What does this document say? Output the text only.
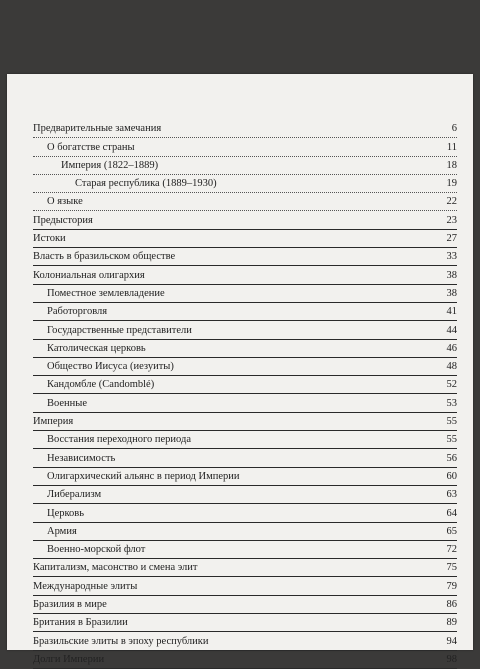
Предварительные замечания	6
О богатстве страны	11
Империя (1822–1889)	18
Старая республика (1889–1930)	19
О языке	22
Предыстория	23
Истоки	27
Власть в бразильском обществе	33
Колониальная олигархия	38
Поместное землевладение	38
Работорговля	41
Государственные представители	44
Католическая церковь	46
Общество Иисуса (иезуиты)	48
Кандомбле (Candomblé)	52
Военные	53
Империя	55
Восстания переходного периода	55
Независимость	56
Олигархический альянс в период Империи	60
Либерализм	63
Церковь	64
Армия	65
Военно-морской флот	72
Капитализм, масонство и смена элит	75
Международные элиты	79
Бразилия в мире	86
Британия в Бразилии	89
Бразильские элиты в эпоху республики	94
Долги Империи	98
